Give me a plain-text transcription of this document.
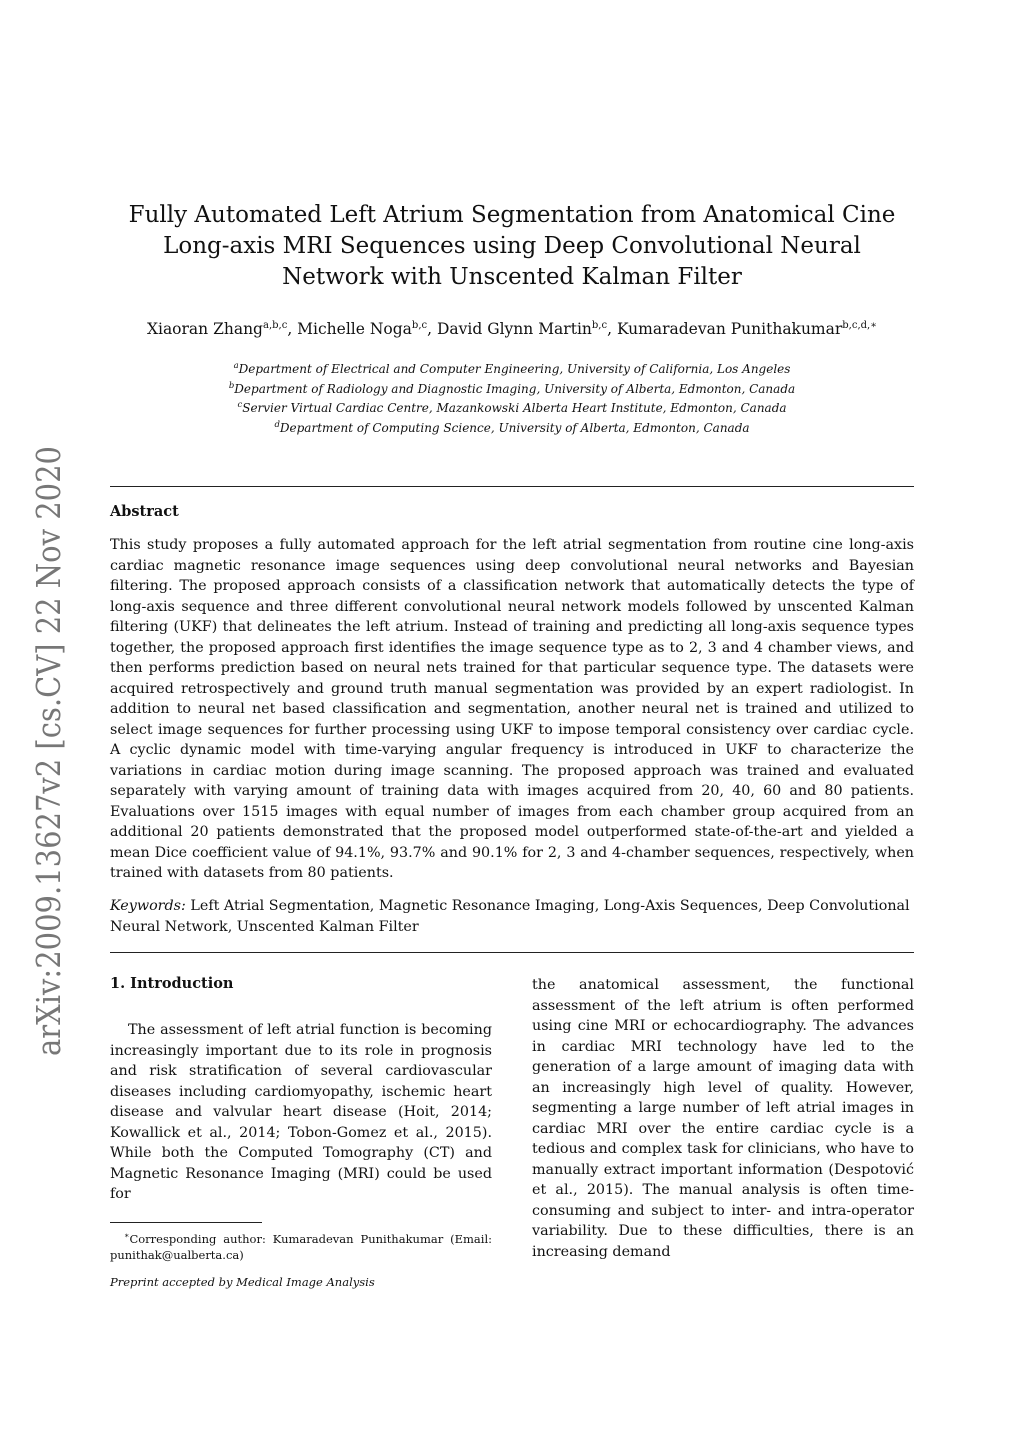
arXiv:2009.13627v2 [cs.CV] 22 Nov 2020
Fully Automated Left Atrium Segmentation from Anatomical Cine Long-axis MRI Sequences using Deep Convolutional Neural Network with Unscented Kalman Filter
Xiaoran Zhang$^{a,b,c}$, Michelle Noga$^{b,c}$, David Glynn Martin$^{b,c}$, Kumaradevan Punithakumar$^{b,c,d,∗}$
$^a$Department of Electrical and Computer Engineering, University of California, Los Angeles
$^b$Department of Radiology and Diagnostic Imaging, University of Alberta, Edmonton, Canada
$^c$Servier Virtual Cardiac Centre, Mazankowski Alberta Heart Institute, Edmonton, Canada
$^d$Department of Computing Science, University of Alberta, Edmonton, Canada
Abstract
This study proposes a fully automated approach for the left atrial segmentation from routine cine long-axis cardiac magnetic resonance image sequences using deep convolutional neural networks and Bayesian filtering. The proposed approach consists of a classification network that automatically detects the type of long-axis sequence and three different convolutional neural network models followed by unscented Kalman filtering (UKF) that delineates the left atrium. Instead of training and predicting all long-axis sequence types together, the proposed approach first identifies the image sequence type as to 2, 3 and 4 chamber views, and then performs prediction based on neural nets trained for that particular sequence type. The datasets were acquired retrospectively and ground truth manual segmentation was provided by an expert radiologist. In addition to neural net based classification and segmentation, another neural net is trained and utilized to select image sequences for further processing using UKF to impose temporal consistency over cardiac cycle. A cyclic dynamic model with time-varying angular frequency is introduced in UKF to characterize the variations in cardiac motion during image scanning. The proposed approach was trained and evaluated separately with varying amount of training data with images acquired from 20, 40, 60 and 80 patients. Evaluations over 1515 images with equal number of images from each chamber group acquired from an additional 20 patients demonstrated that the proposed model outperformed state-of-the-art and yielded a mean Dice coefficient value of 94.1%, 93.7% and 90.1% for 2, 3 and 4-chamber sequences, respectively, when trained with datasets from 80 patients.
Keywords: Left Atrial Segmentation, Magnetic Resonance Imaging, Long-Axis Sequences, Deep Convolutional Neural Network, Unscented Kalman Filter
1. Introduction
The assessment of left atrial function is becoming increasingly important due to its role in prognosis and risk stratification of several cardiovascular diseases including cardiomyopathy, ischemic heart disease and valvular heart disease (Hoit, 2014; Kowallick et al., 2014; Tobon-Gomez et al., 2015). While both the Computed Tomography (CT) and Magnetic Resonance Imaging (MRI) could be used for
the anatomical assessment, the functional assessment of the left atrium is often performed using cine MRI or echocardiography. The advances in cardiac MRI technology have led to the generation of a large amount of imaging data with an increasingly high level of quality. However, segmenting a large number of left atrial images in cardiac MRI over the entire cardiac cycle is a tedious and complex task for clinicians, who have to manually extract important information (Despotović et al., 2015). The manual analysis is often time-consuming and subject to inter- and intra-operator variability. Due to these difficulties, there is an increasing demand
∗Corresponding author: Kumaradevan Punithakumar (Email: punithak@ualberta.ca)
Preprint accepted by Medical Image Analysis
